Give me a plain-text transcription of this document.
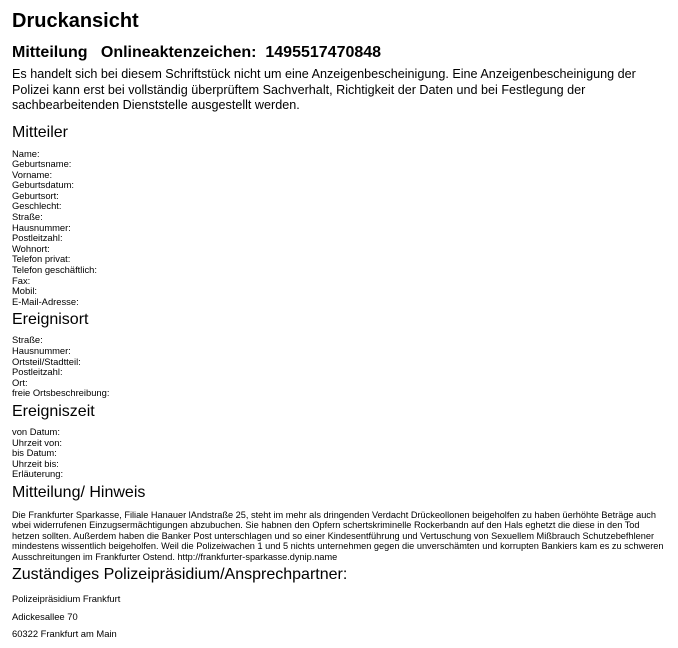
Druckansicht
Mitteilung Onlineaktenzeichen: 1495517470848
Es handelt sich bei diesem Schriftstück nicht um eine Anzeigenbescheinigung. Eine Anzeigenbescheinigung der Polizei kann erst bei vollständig überprüftem Sachverhalt, Richtigkeit der Daten und bei Festlegung der sachbearbeitenden Dienststelle ausgestellt werden.
Mitteiler
Name:
Geburtsname:
Vorname:
Geburtsdatum:
Geburtsort:
Geschlecht:
Straße:
Hausnummer:
Postleitzahl:
Wohnort:
Telefon privat:
Telefon geschäftlich:
Fax:
Mobil:
E-Mail-Adresse:
Ereignisort
Straße:
Hausnummer:
Ortsteil/Stadtteil:
Postleitzahl:
Ort:
freie Ortsbeschreibung:
Ereigniszeit
von Datum:
Uhrzeit von:
bis Datum:
Uhrzeit bis:
Erläuterung:
Mitteilung/ Hinweis
Die Frankfurter Sparkasse, Filiale Hanauer lAndstraße 25, steht im mehr als dringenden Verdacht Drückeollonen beigeholfen zu haben üerhöhte Beträge auch wbei widerrufenen Einzugsermächtigungen abzubuchen. Sie habnen den Opfern schertskriminelle Rockerbandn auf den Hals eghetzt die diese in den Tod hetzen sollten. Außerdem haben die Banker Post unterschlagen und so einer Kindesentführung und Vertuschung von Sexuellem Mißbrauch Schutzebefhlener mindestens wissentlich beigeholfen. Weil die Polizeiwachen 1 und 5 nichts unternehmen gegen die unverschämten und korrupten Bankiers kam es zu schweren Ausschreitungen im Frankfurter Ostend. http://frankfurter-sparkasse.dynip.name
Zuständiges Polizeipräsidium/Ansprechpartner:
Polizeipräsidium Frankfurt
Adickesallee 70
60322 Frankfurt am Main
